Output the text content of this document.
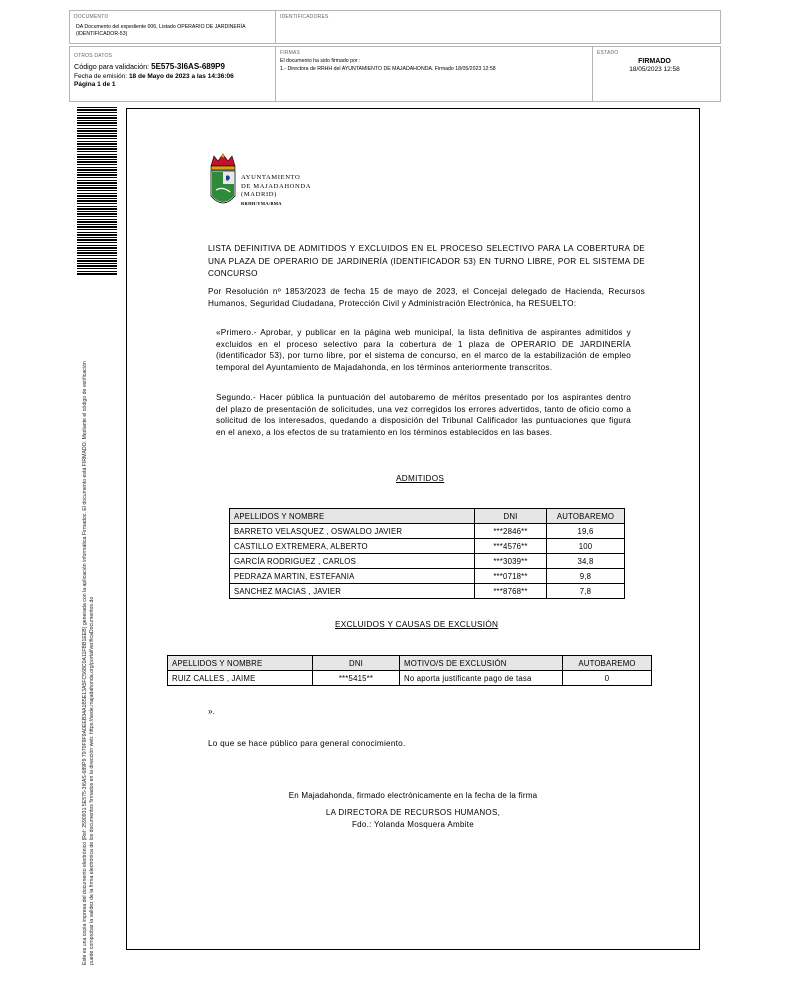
DOCUMENTO
DA Documento del expediente 006, Listado OPERARIO DE JARDINERÍA
(IDENTIFICADOR-53)
IDENTIFICADORES
OTROS DATOS
Código para validación: 5E575-3I6AS-689P9
Fecha de emisión: 18 de Mayo de 2023 a las 14:36:06
Página 1 de 1
FIRMAS
El documento ha sido firmado por :
1.- Directora de RRHH del AYUNTAMIENTO DE MAJADAHONDA. Firmado 18/05/2023 12:58
ESTADO
FIRMADO
18/05/2023 12:58
Este es una copia impresa del documento electrónico (Ref: 2590931 5E575-3I6AS-689P9 7970F9F9A0EEB34A1B5E13A5FC568C0A11FBB1EEB) generada con la aplicación informática Firmadoc. El documento está FIRMADO. Mediante el código de verificación puede comprobar la validez de la firma electrónica de los documentos firmados en la dirección web: https://sede.majadahonda.org/portal/verificaDocumentos.do
AYUNTAMIENTO
DE MAJADAHONDA
(MADRID)
RRHH/YMA/BMA
LISTA DEFINITIVA DE ADMITIDOS Y EXCLUIDOS EN EL PROCESO SELECTIVO PARA LA COBERTURA DE UNA PLAZA DE OPERARIO DE JARDINERÍA (IDENTIFICADOR 53) EN TURNO LIBRE, POR EL SISTEMA DE CONCURSO
Por Resolución nº 1853/2023 de fecha 15 de mayo de 2023, el Concejal delegado de Hacienda, Recursos Humanos, Seguridad Ciudadana, Protección Civil y Administración Electrónica, ha RESUELTO:
«Primero.- Aprobar, y publicar en la página web municipal, la lista definitiva de aspirantes admitidos y excluidos en el proceso selectivo para la cobertura de 1 plaza de OPERARIO DE JARDINERÍA (identificador 53), por turno libre, por el sistema de concurso, en el marco de la estabilización de empleo temporal del Ayuntamiento de Majadahonda, en los términos anteriormente transcritos.
Segundo.- Hacer pública la puntuación del autobaremo de méritos presentado por los aspirantes dentro del plazo de presentación de solicitudes, una vez corregidos los errores advertidos, tanto de oficio como a solicitud de los interesados, quedando a disposición del Tribunal Calificador las puntuaciones que figura en el anexo, a los efectos de su tratamiento en los términos establecidos en las bases.
ADMITIDOS
APELLIDOS Y NOMBRE	DNI	AUTOBAREMO
BARRETO VELASQUEZ , OSWALDO JAVIER	***2846**	19,6
CASTILLO EXTREMERA, ALBERTO	***4576**	100
GARCÍA RODRIGUEZ , CARLOS	***3039**	34,8
PEDRAZA MARTIN, ESTEFANIA	***0718**	9,8
SANCHEZ MACIAS , JAVIER	***8768**	7,8
EXCLUIDOS Y CAUSAS DE EXCLUSIÓN
APELLIDOS Y NOMBRE	DNI	MOTIVO/S DE EXCLUSIÓN	AUTOBAREMO
RUIZ CALLES , JAIME	***5415**	No aporta justificante pago de tasa	0
».
Lo que se hace público para general conocimiento.
En Majadahonda, firmado electrónicamente en la fecha de la firma
LA DIRECTORA DE RECURSOS HUMANOS,
Fdo.: Yolanda Mosquera Ambite
